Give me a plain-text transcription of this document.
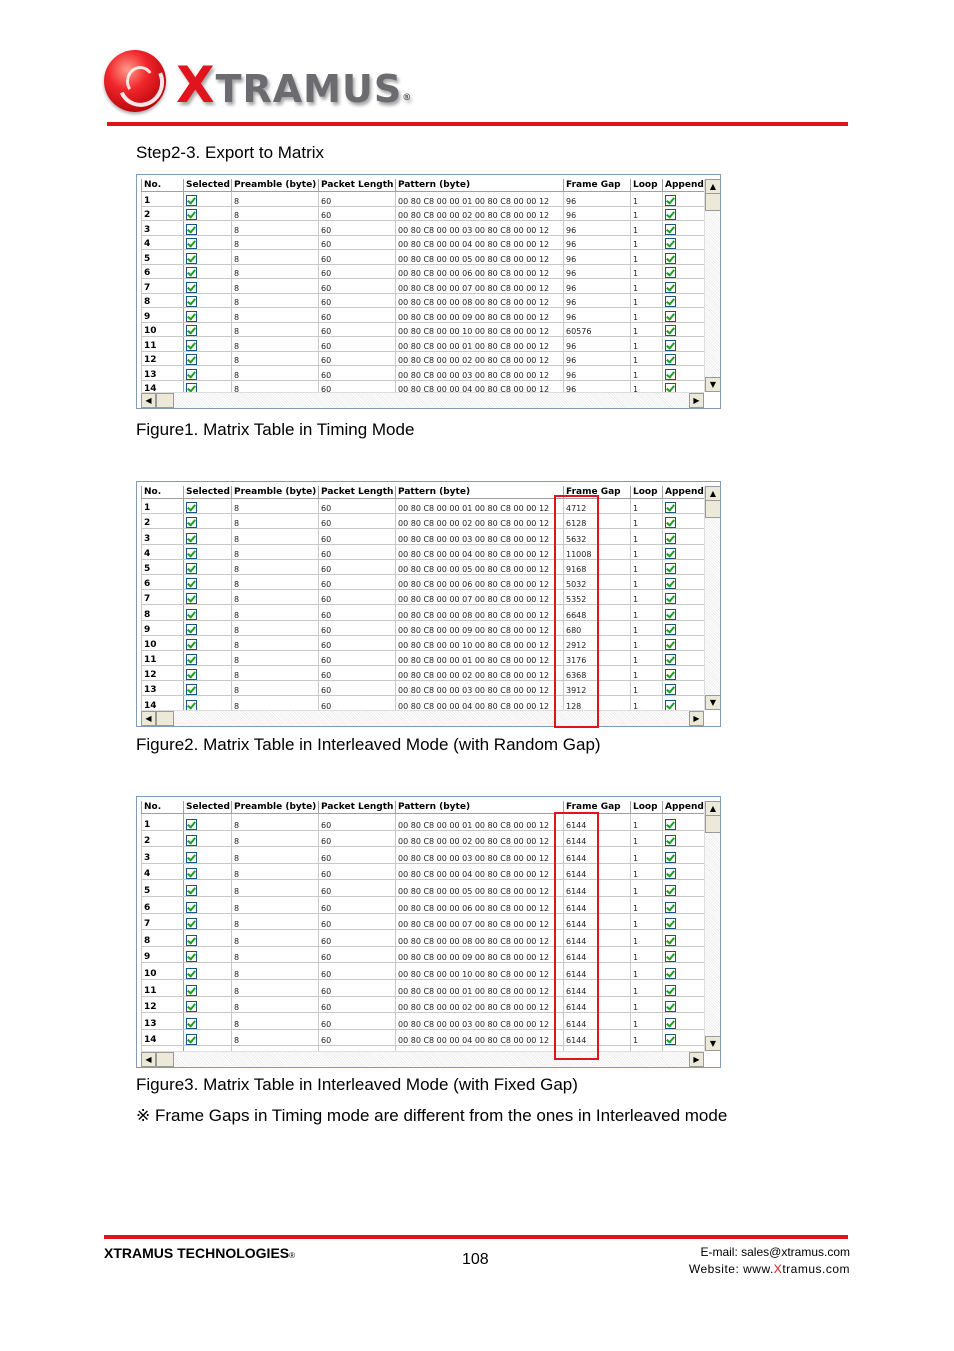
XTRAMUS®
Step2-3. Export to Matrix
No.	Selected	Preamble (byte)	Packet Length	Pattern (byte)	Frame Gap	Loop	Append
1		8	60	00 80 C8 00 00 01 00 80 C8 00 00 12	96	1	
2		8	60	00 80 C8 00 00 02 00 80 C8 00 00 12	96	1	
3		8	60	00 80 C8 00 00 03 00 80 C8 00 00 12	96	1	
4		8	60	00 80 C8 00 00 04 00 80 C8 00 00 12	96	1	
5		8	60	00 80 C8 00 00 05 00 80 C8 00 00 12	96	1	
6		8	60	00 80 C8 00 00 06 00 80 C8 00 00 12	96	1	
7		8	60	00 80 C8 00 00 07 00 80 C8 00 00 12	96	1	
8		8	60	00 80 C8 00 00 08 00 80 C8 00 00 12	96	1	
9		8	60	00 80 C8 00 00 09 00 80 C8 00 00 12	96	1	
10		8	60	00 80 C8 00 00 10 00 80 C8 00 00 12	60576	1	
11		8	60	00 80 C8 00 00 01 00 80 C8 00 00 12	96	1	
12		8	60	00 80 C8 00 00 02 00 80 C8 00 00 12	96	1	
13		8	60	00 80 C8 00 00 03 00 80 C8 00 00 12	96	1	
14		8	60	00 80 C8 00 00 04 00 80 C8 00 00 12	96	1	

▲
▼
◀	▶
Figure1. Matrix Table in Timing Mode
No.	Selected	Preamble (byte)	Packet Length	Pattern (byte)	Frame Gap	Loop	Append
1		8	60	00 80 C8 00 00 01 00 80 C8 00 00 12	4712	1	
2		8	60	00 80 C8 00 00 02 00 80 C8 00 00 12	6128	1	
3		8	60	00 80 C8 00 00 03 00 80 C8 00 00 12	5632	1	
4		8	60	00 80 C8 00 00 04 00 80 C8 00 00 12	11008	1	
5		8	60	00 80 C8 00 00 05 00 80 C8 00 00 12	9168	1	
6		8	60	00 80 C8 00 00 06 00 80 C8 00 00 12	5032	1	
7		8	60	00 80 C8 00 00 07 00 80 C8 00 00 12	5352	1	
8		8	60	00 80 C8 00 00 08 00 80 C8 00 00 12	6648	1	
9		8	60	00 80 C8 00 00 09 00 80 C8 00 00 12	680	1	
10		8	60	00 80 C8 00 00 10 00 80 C8 00 00 12	2912	1	
11		8	60	00 80 C8 00 00 01 00 80 C8 00 00 12	3176	1	
12		8	60	00 80 C8 00 00 02 00 80 C8 00 00 12	6368	1	
13		8	60	00 80 C8 00 00 03 00 80 C8 00 00 12	3912	1	
14		8	60	00 80 C8 00 00 04 00 80 C8 00 00 12	128	1	

▲
▼
◀	▶
Figure2. Matrix Table in Interleaved Mode (with Random Gap)
No.	Selected	Preamble (byte)	Packet Length	Pattern (byte)	Frame Gap	Loop	Append
1		8	60	00 80 C8 00 00 01 00 80 C8 00 00 12	6144	1	
2		8	60	00 80 C8 00 00 02 00 80 C8 00 00 12	6144	1	
3		8	60	00 80 C8 00 00 03 00 80 C8 00 00 12	6144	1	
4		8	60	00 80 C8 00 00 04 00 80 C8 00 00 12	6144	1	
5		8	60	00 80 C8 00 00 05 00 80 C8 00 00 12	6144	1	
6		8	60	00 80 C8 00 00 06 00 80 C8 00 00 12	6144	1	
7		8	60	00 80 C8 00 00 07 00 80 C8 00 00 12	6144	1	
8		8	60	00 80 C8 00 00 08 00 80 C8 00 00 12	6144	1	
9		8	60	00 80 C8 00 00 09 00 80 C8 00 00 12	6144	1	
10		8	60	00 80 C8 00 00 10 00 80 C8 00 00 12	6144	1	
11		8	60	00 80 C8 00 00 01 00 80 C8 00 00 12	6144	1	
12		8	60	00 80 C8 00 00 02 00 80 C8 00 00 12	6144	1	
13		8	60	00 80 C8 00 00 03 00 80 C8 00 00 12	6144	1	
14		8	60	00 80 C8 00 00 04 00 80 C8 00 00 12	6144	1	

▲
▼
◀	▶
Figure3. Matrix Table in Interleaved Mode (with Fixed Gap)
※ Frame Gaps in Timing mode are different from the ones in Interleaved mode
XTRAMUS TECHNOLOGIES®	108	E-mail: sales@xtramus.com
Website: www.Xtramus.com
